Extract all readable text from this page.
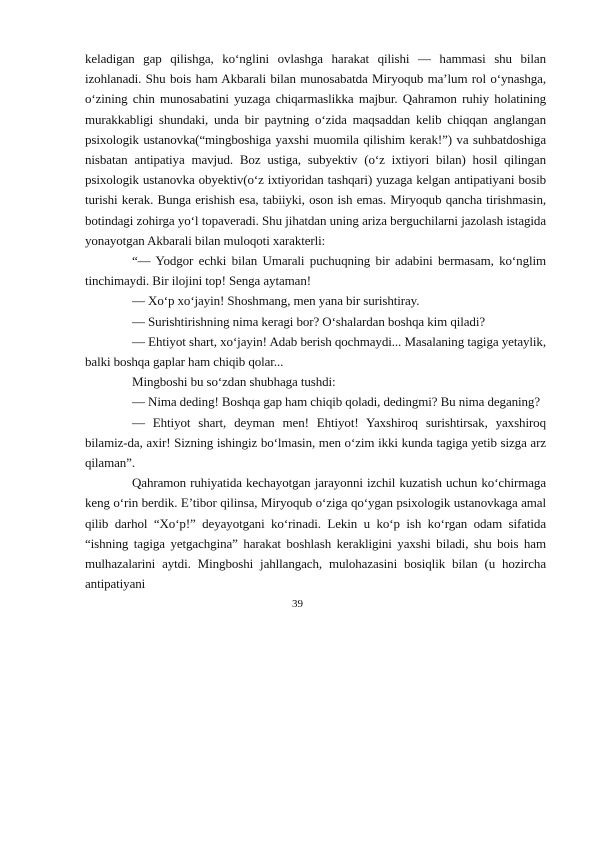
keladigan gap qilishga, ko‘nglini ovlashga harakat qilishi — hammasi shu bilan izohlanadi. Shu bois ham Akbarali bilan munosabatda Miryoqub ma’lum rol o‘ynashga, o‘zining chin munosabatini yuzaga chiqarmaslikka majbur. Qahramon ruhiy holatining murakkabligi shundaki, unda bir paytning o‘zida maqsaddan kelib chiqqan anglangan psixologik ustanovka(“mingboshiga yaxshi muomila qilishim kerak!”) va suhbatdoshiga nisbatan antipatiya mavjud. Boz ustiga, subyektiv (o‘z ixtiyori bilan) hosil qilingan psixologik ustanovka obyektiv(o‘z ixtiyoridan tashqari) yuzaga kelgan antipatiyani bosib turishi kerak. Bunga erishish esa, tabiiyki, oson ish emas. Miryoqub qancha tirishmasin, botindagi zohirga yo‘l topaveradi. Shu jihatdan uning ariza berguchilarni jazolash istagida yonayotgan Akbarali bilan muloqoti xarakterli:

“— Yodgor echki bilan Umarali puchuqning bir adabini bermasam, ko‘nglim tinchimaydi. Bir ilojini top! Senga aytaman!

— Xo‘p xo‘jayin! Shoshmang, men yana bir surishtiray.

— Surishtirishning nima keragi bor? O‘shalardan boshqa kim qiladi?

— Ehtiyot shart, xo‘jayin! Adab berish qochmaydi... Masalaning tagiga yetaylik, balki boshqa gaplar ham chiqib qolar...

Mingboshi bu so‘zdan shubhaga tushdi:

— Nima deding! Boshqa gap ham chiqib qoladi, dedingmi? Bu nima deganing?

— Ehtiyot shart, deyman men! Ehtiyot! Yaxshiroq surishtirsak, yaxshiroq bilamiz-da, axir! Sizning ishingiz bo‘lmasin, men o‘zim ikki kunda tagiga yetib sizga arz qilaman”.

Qahramon ruhiyatida kechayotgan jarayonni izchil kuzatish uchun ko‘chirmaga keng o‘rin berdik. E’tibor qilinsa, Miryoqub o‘ziga qo‘ygan psixologik ustanovkaga amal qilib darhol “Xo‘p!” deyayotgani ko‘rinadi. Lekin u ko‘p ish ko‘rgan odam sifatida “ishning tagiga yetgachgina” harakat boshlash kerakligini yaxshi biladi, shu bois ham mulhazalarini aytdi. Mingboshi jahllangach, mulohazasini bosiqlik bilan (u hozircha antipatiyani

39
